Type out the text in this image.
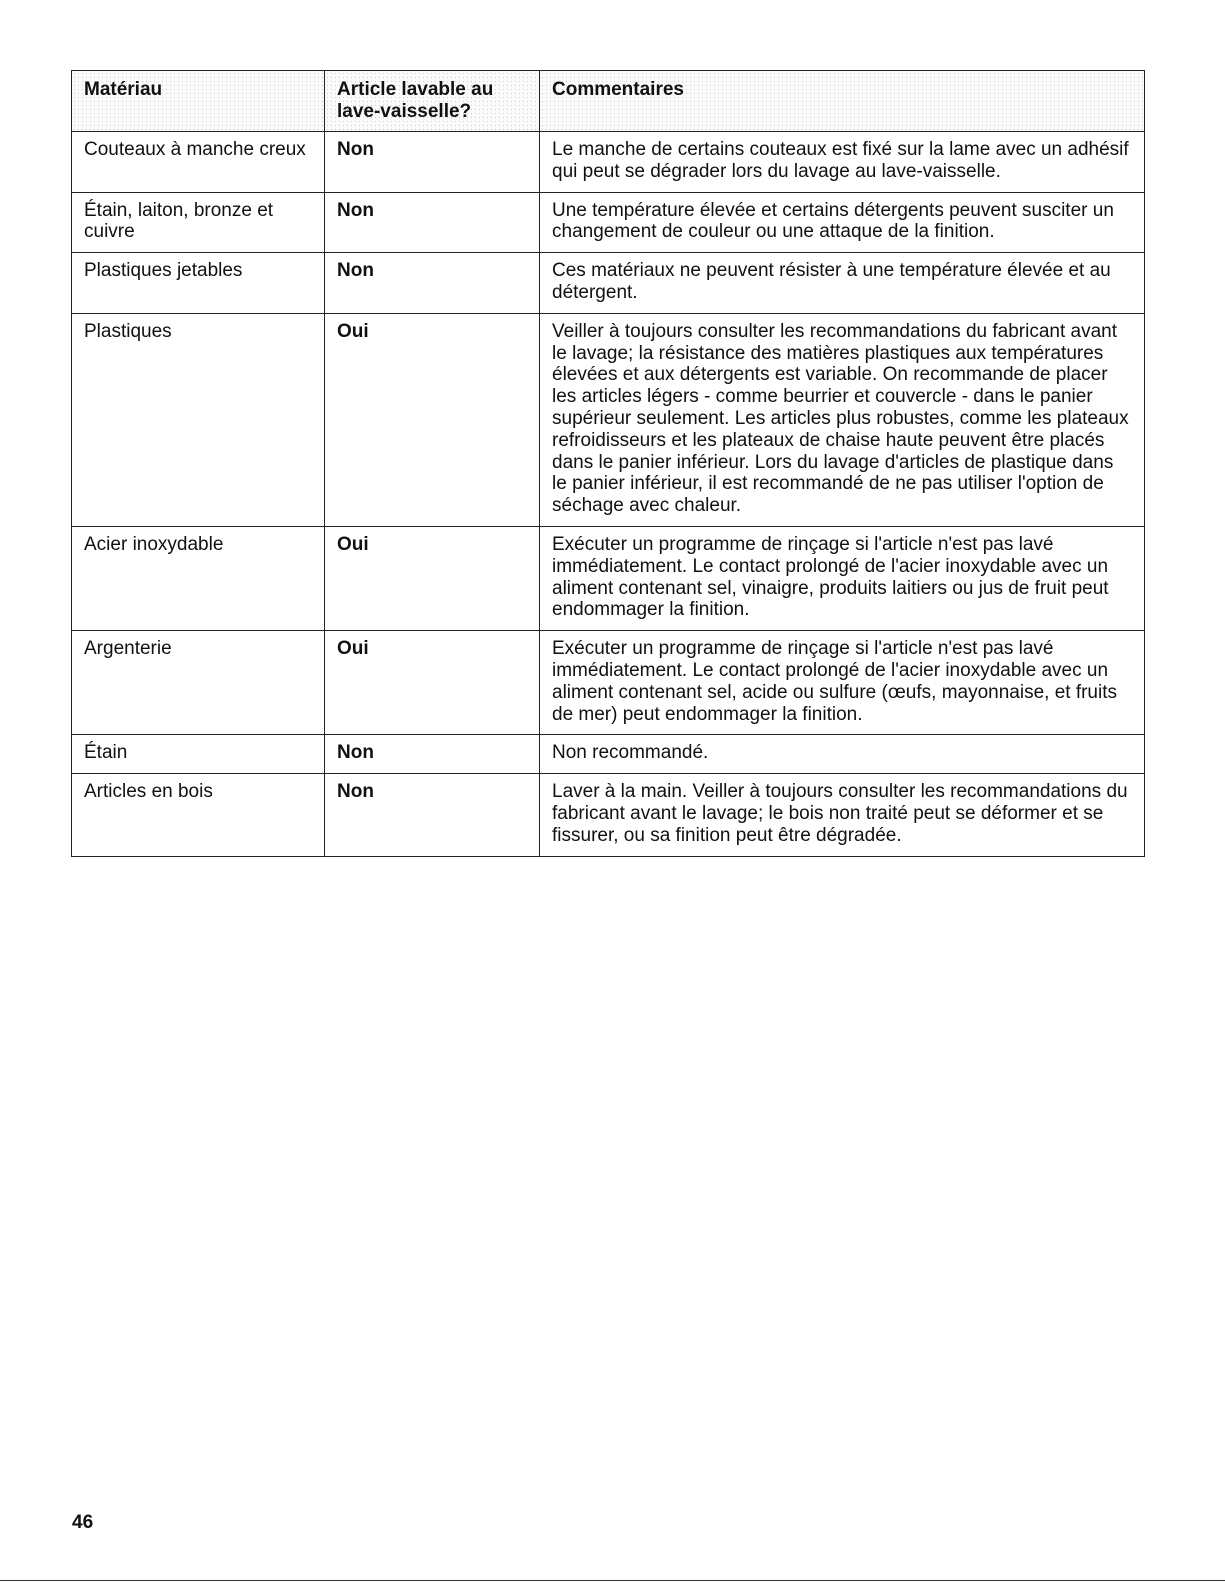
Matériau	Article lavable au lave-vaisselle?	Commentaires
Couteaux à manche creux	Non	Le manche de certains couteaux est fixé sur la lame avec un adhésif qui peut se dégrader lors du lavage au lave-vaisselle.
Étain, laiton, bronze et cuivre	Non	Une température élevée et certains détergents peuvent susciter un changement de couleur ou une attaque de la finition.
Plastiques jetables	Non	Ces matériaux ne peuvent résister à une température élevée et au détergent.
Plastiques	Oui	Veiller à toujours consulter les recommandations du fabricant avant le lavage; la résistance des matières plastiques aux températures élevées et aux détergents est variable. On recommande de placer les articles légers - comme beurrier et couvercle - dans le panier supérieur seulement. Les articles plus robustes, comme les plateaux refroidisseurs et les plateaux de chaise haute peuvent être placés dans le panier inférieur. Lors du lavage d'articles de plastique dans le panier inférieur, il est recommandé de ne pas utiliser l'option de séchage avec chaleur.
Acier inoxydable	Oui	Exécuter un programme de rinçage si l'article n'est pas lavé immédiatement. Le contact prolongé de l'acier inoxydable avec un aliment contenant sel, vinaigre, produits laitiers ou jus de fruit peut endommager la finition.
Argenterie	Oui	Exécuter un programme de rinçage si l'article n'est pas lavé immédiatement. Le contact prolongé de l'acier inoxydable avec un aliment contenant sel, acide ou sulfure (œufs, mayonnaise, et fruits de mer) peut endommager la finition.
Étain	Non	Non recommandé.
Articles en bois	Non	Laver à la main. Veiller à toujours consulter les recommandations du fabricant avant le lavage; le bois non traité peut se déformer et se fissurer, ou sa finition peut être dégradée.
46
